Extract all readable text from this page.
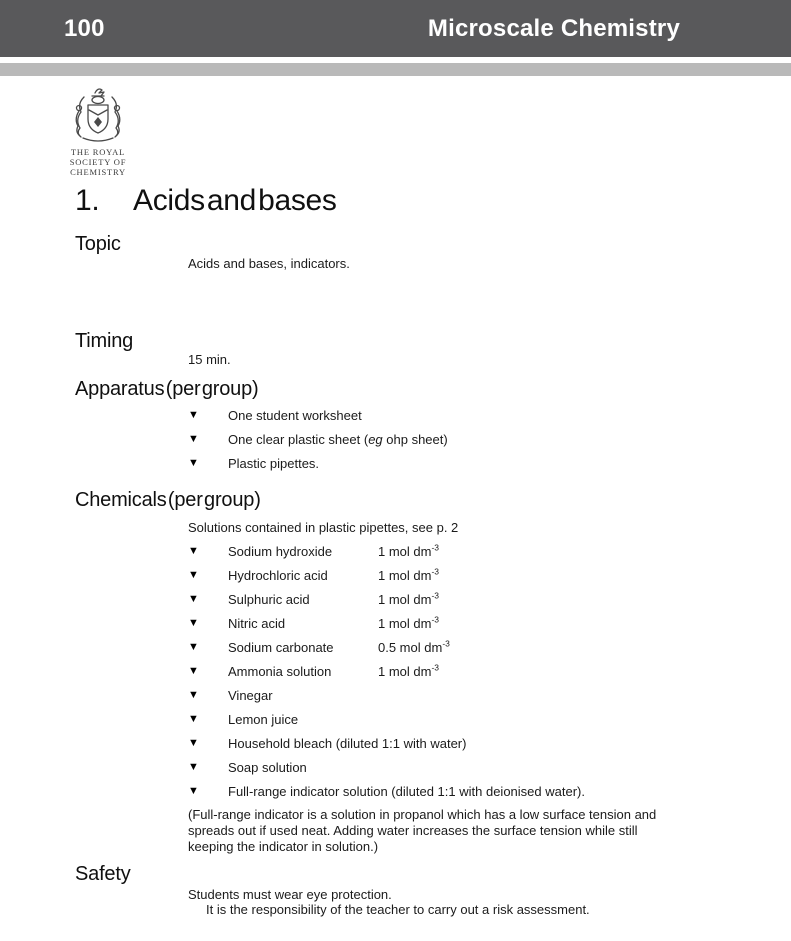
100	Microscale Chemistry
THE ROYAL
SOCIETY OF
CHEMISTRY
1. Acids and bases
Topic
Acids and bases, indicators.
Timing
15 min.
Apparatus (per group)
▼	One student worksheet
▼	One clear plastic sheet (eg ohp sheet)
▼	Plastic pipettes.
Chemicals (per group)
Solutions contained in plastic pipettes, see p. 2
▼	Sodium hydroxide	1 mol $dm^{-3}$
▼	Hydrochloric acid	1 mol $dm^{-3}$
▼	Sulphuric acid	1 mol $dm^{-3}$
▼	Nitric acid	1 mol $dm^{-3}$
▼	Sodium carbonate	0.5 mol $dm^{-3}$
▼	Ammonia solution	1 mol $dm^{-3}$
▼	Vinegar
▼	Lemon juice
▼	Household bleach (diluted 1:1 with water)
▼	Soap solution
▼	Full-range indicator solution (diluted 1:1 with deionised water).
(Full-range indicator is a solution in propanol which has a low surface tension and spreads out if used neat. Adding water increases the surface tension while still keeping the indicator in solution.)
Safety
Students must wear eye protection.
It is the responsibility of the teacher to carry out a risk assessment.
